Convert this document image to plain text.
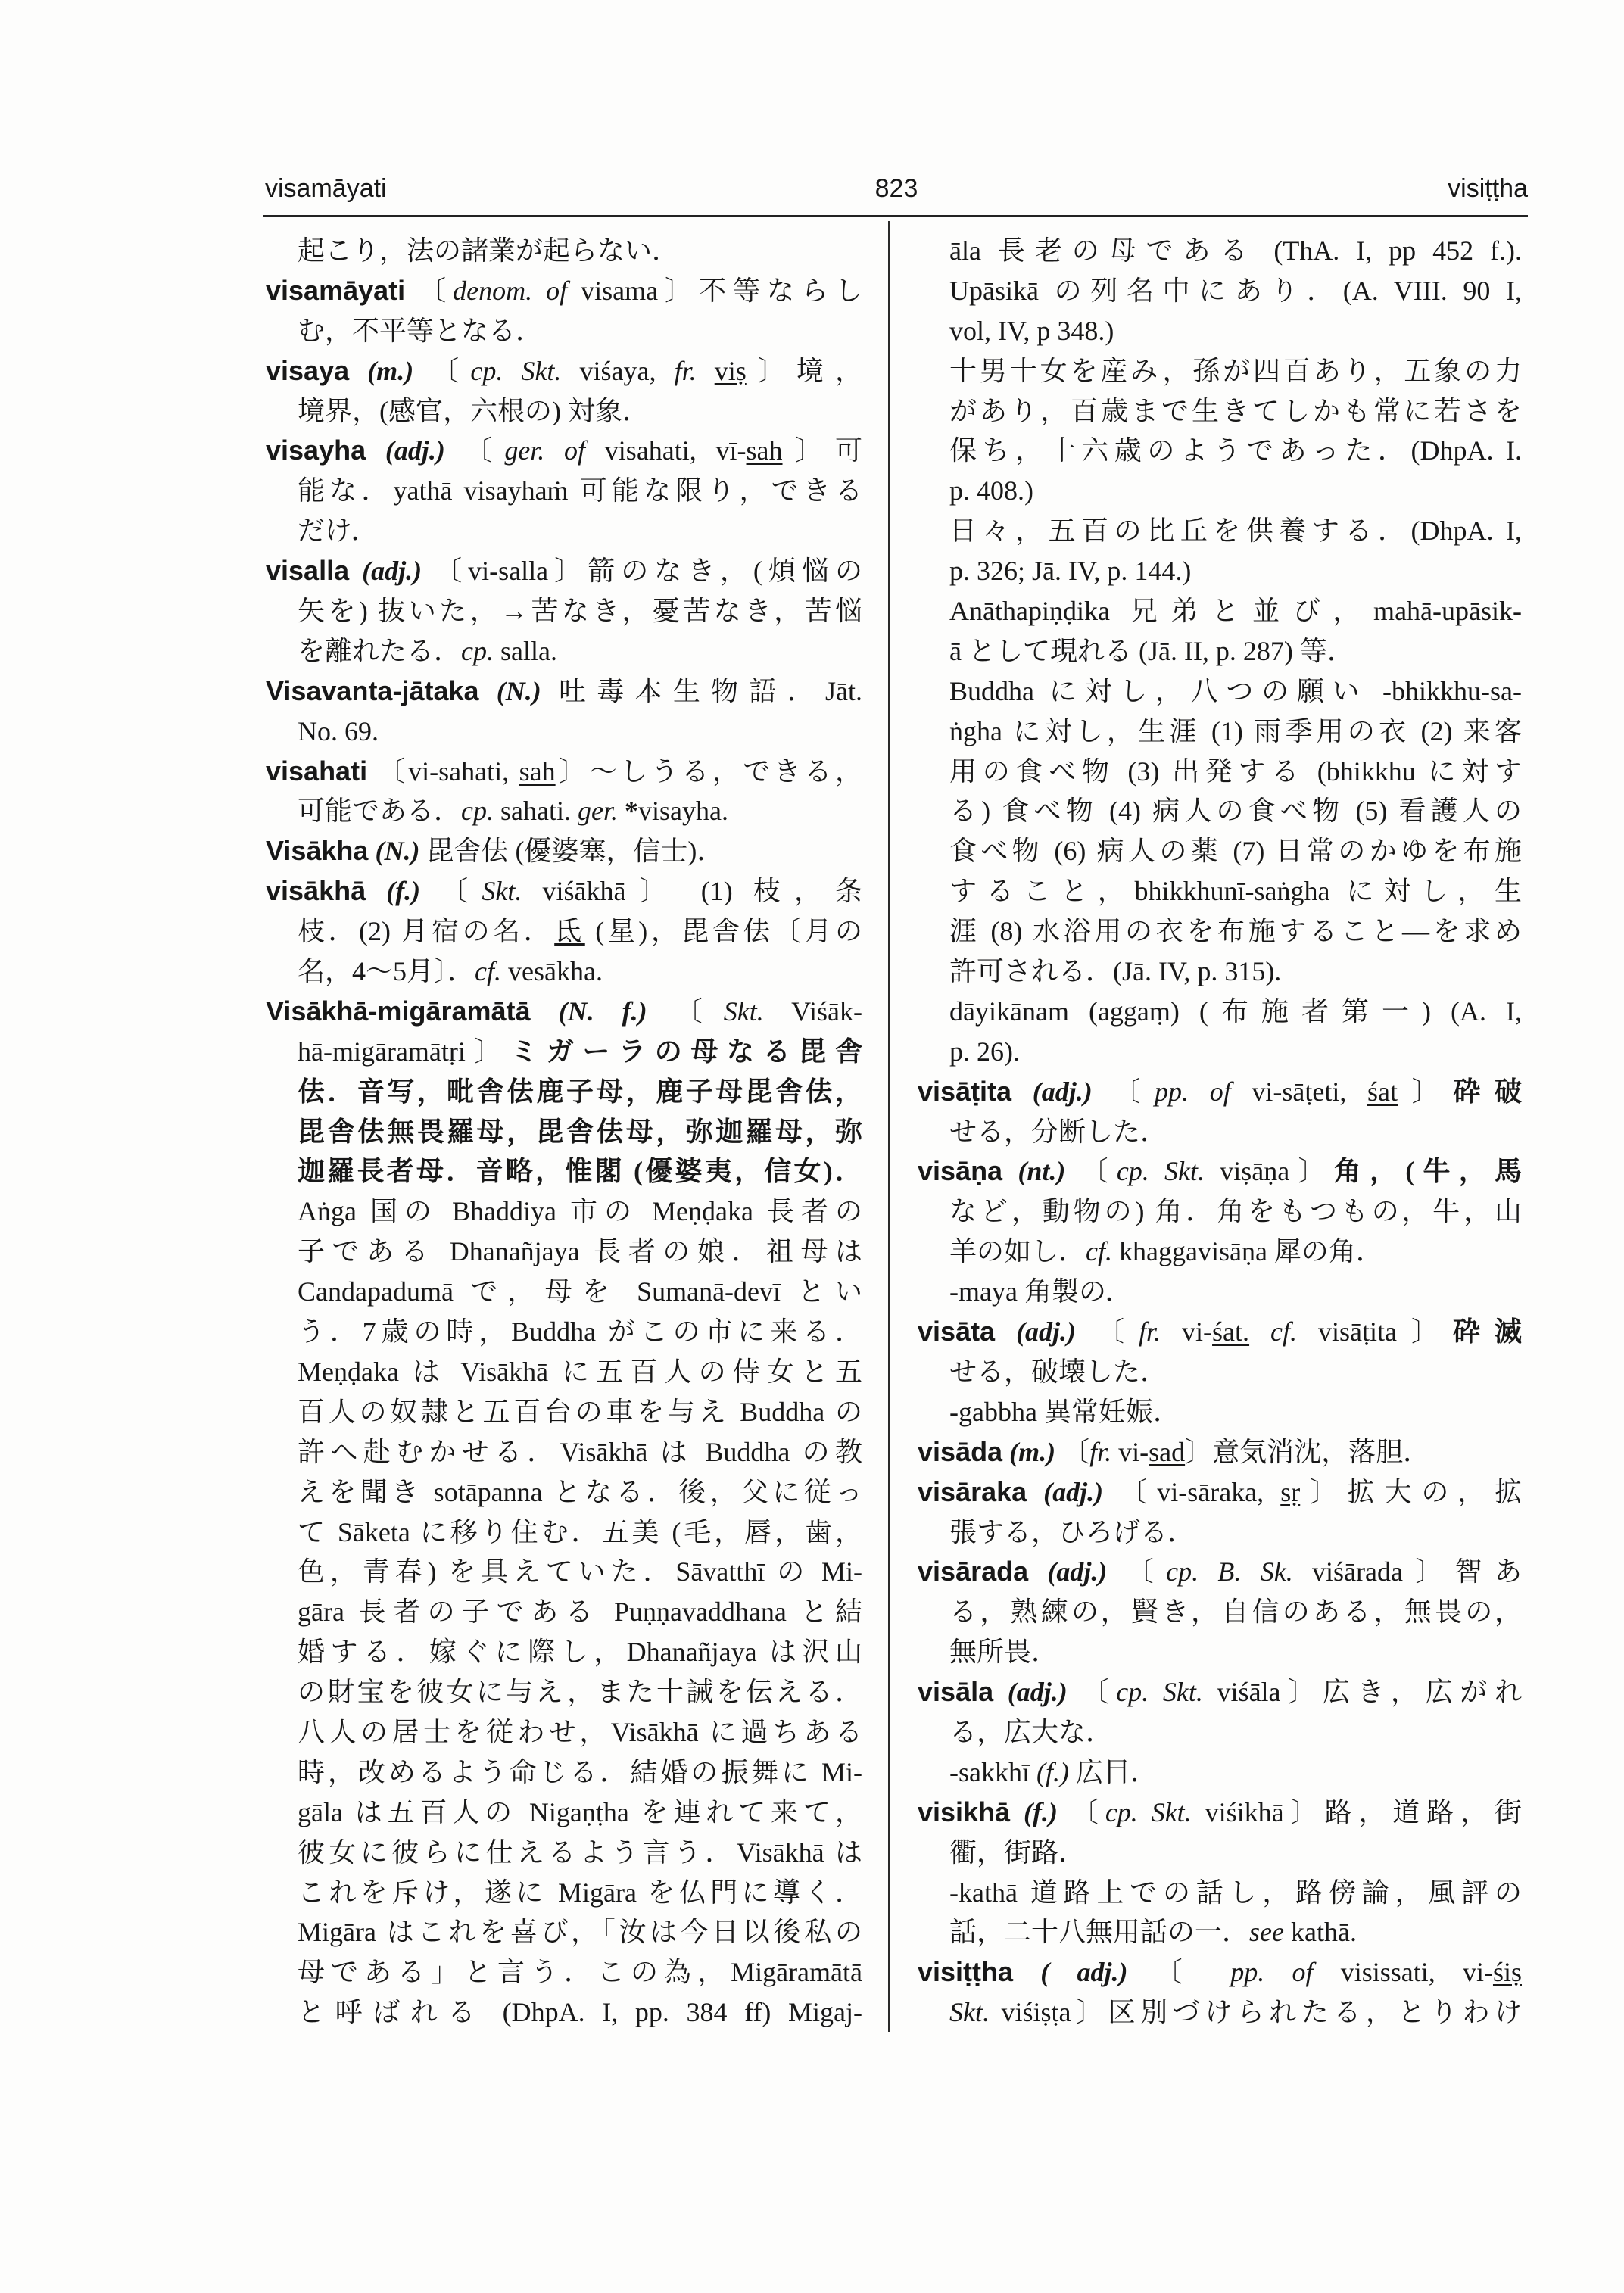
visamāyati	823	visiṭṭha
起こり，法の諸業が起らない．
visamāyati 〔denom. of visama〕不等ならし
む，不平等となる．
visaya (m.) 〔cp. Skt. viśaya, fr. viṣ〕境，
境界，(感官，六根の) 対象．
visayha (adj.) 〔ger. of visahati, vī-sah〕可
能な．yathā visayhaṁ 可能な限り，できる
だけ．
visalla (adj.) 〔vi-salla〕箭のなき，(煩悩の
矢を) 抜いた，→苦なき，憂苦なき，苦悩
を離れたる．cp. salla.
Visavanta-jātaka (N.) 吐毒本生物語．Jāt.
No. 69.
visahati 〔vi-sahati, sah〕～しうる，できる，
可能である．cp. sahati. ger. *visayha.
Visākha (N.) 毘舎佉 (優婆塞，信士)．
visākhā (f.) 〔Skt. viśākhā〕 (1) 枝，条
枝．(2) 月宿の名．氐 (星)，毘舎佉〔月の
名，4～5月〕．cf. vesākha.
Visākhā-migāramātā (N. f.) 〔Skt. Viśāk-
hā-migāramātṛi〕ミガーラの母なる毘舎
佉．音写，毗舎佉鹿子母，鹿子母毘舎佉，
毘舎佉無畏羅母，毘舎佉母，弥迦羅母，弥
迦羅長者母．音略，惟閣 (優婆夷，信女)．
Aṅga 国の Bhaddiya 市の Meṇḍaka 長者の
子である Dhanañjaya 長者の娘．祖母は
Candapadumā で，母を Sumanā-devī とい
う．7歳の時，Buddha がこの市に来る．
Meṇḍaka は Visākhā に五百人の侍女と五
百人の奴隷と五百台の車を与え Buddha の
許へ赴むかせる．Visākhā は Buddha の教
えを聞き sotāpanna となる．後，父に従っ
て Sāketa に移り住む．五美 (毛，唇，歯，
色，青春) を具えていた．Sāvatthī の Mi-
gāra 長者の子である Puṇṇavaddhana と結
婚する．嫁ぐに際し，Dhanañjaya は沢山
の財宝を彼女に与え，また十誡を伝える．
八人の居士を従わせ，Visākhā に過ちある
時，改めるよう命じる．結婚の振舞に Mi-
gāla は五百人の Nigaṇṭha を連れて来て，
彼女に彼らに仕えるよう言う．Visākhā は
これを斥け，遂に Migāra を仏門に導く．
Migāra はこれを喜び，「汝は今日以後私の
母である」と言う．この為，Migāramātā
と呼ばれる (DhpA. I, pp. 384 ff) Migaj-
āla 長老の母である (ThA. I, pp 452 f.).
Upāsikā の列名中にあり．(A. VIII. 90 I,
vol, IV, p 348.)
十男十女を産み，孫が四百あり，五象の力
があり，百歳まで生きてしかも常に若さを
保ち，十六歳のようであった．(DhpA. I.
p. 408.)
日々，五百の比丘を供養する．(DhpA. I,
p. 326; Jā. IV, p. 144.)
Anāthapiṇḍika 兄弟と並び，mahā-upāsik-
ā として現れる (Jā. II, p. 287) 等．
Buddha に対し，八つの願い -bhikkhu-sa-
ṅgha に対し，生涯 (1) 雨季用の衣 (2) 来客
用の食べ物 (3) 出発する (bhikkhu に対す
る) 食べ物 (4) 病人の食べ物 (5) 看護人の
食べ物 (6) 病人の薬 (7) 日常のかゆを布施
すること，bhikkhunī-saṅgha に対し，生
涯 (8) 水浴用の衣を布施すること—を求め
許可される．(Jā. IV, p. 315).
dāyikānam (aggaṃ) (布施者第一) (A. I,
p. 26).
visāṭita (adj.) 〔pp. of vi-sāṭeti, śat〕砕破
せる，分断した．
visāṇa (nt.) 〔cp. Skt. viṣāṇa〕角，(牛，馬
など，動物の) 角．角をもつもの，牛，山
羊の如し．cf. khaggavisāṇa 犀の角．
-maya 角製の．
visāta (adj.) 〔fr. vi-śat. cf. visāṭita〕砕滅
せる，破壊した．
-gabbha 異常妊娠．
visāda (m.) 〔fr. vi-sad〕意気消沈，落胆．
visāraka (adj.) 〔vi-sāraka, sṛ〕拡大の，拡
張する，ひろげる．
visārada (adj.) 〔cp. B. Sk. viśārada〕智あ
る，熟練の，賢き，自信のある，無畏の，
無所畏．
visāla (adj.) 〔cp. Skt. viśāla〕広き，広がれ
る，広大な．
-sakkhī (f.) 広目．
visikhā (f.) 〔cp. Skt. viśikhā〕路，道路，街
衢，街路．
-kathā 道路上での話し，路傍論，風評の
話，二十八無用話の一．see kathā.
visiṭṭha ( adj.) 〔 pp. of visissati, vi-śiṣ
Skt. viśiṣṭa〕区別づけられたる，とりわけ
